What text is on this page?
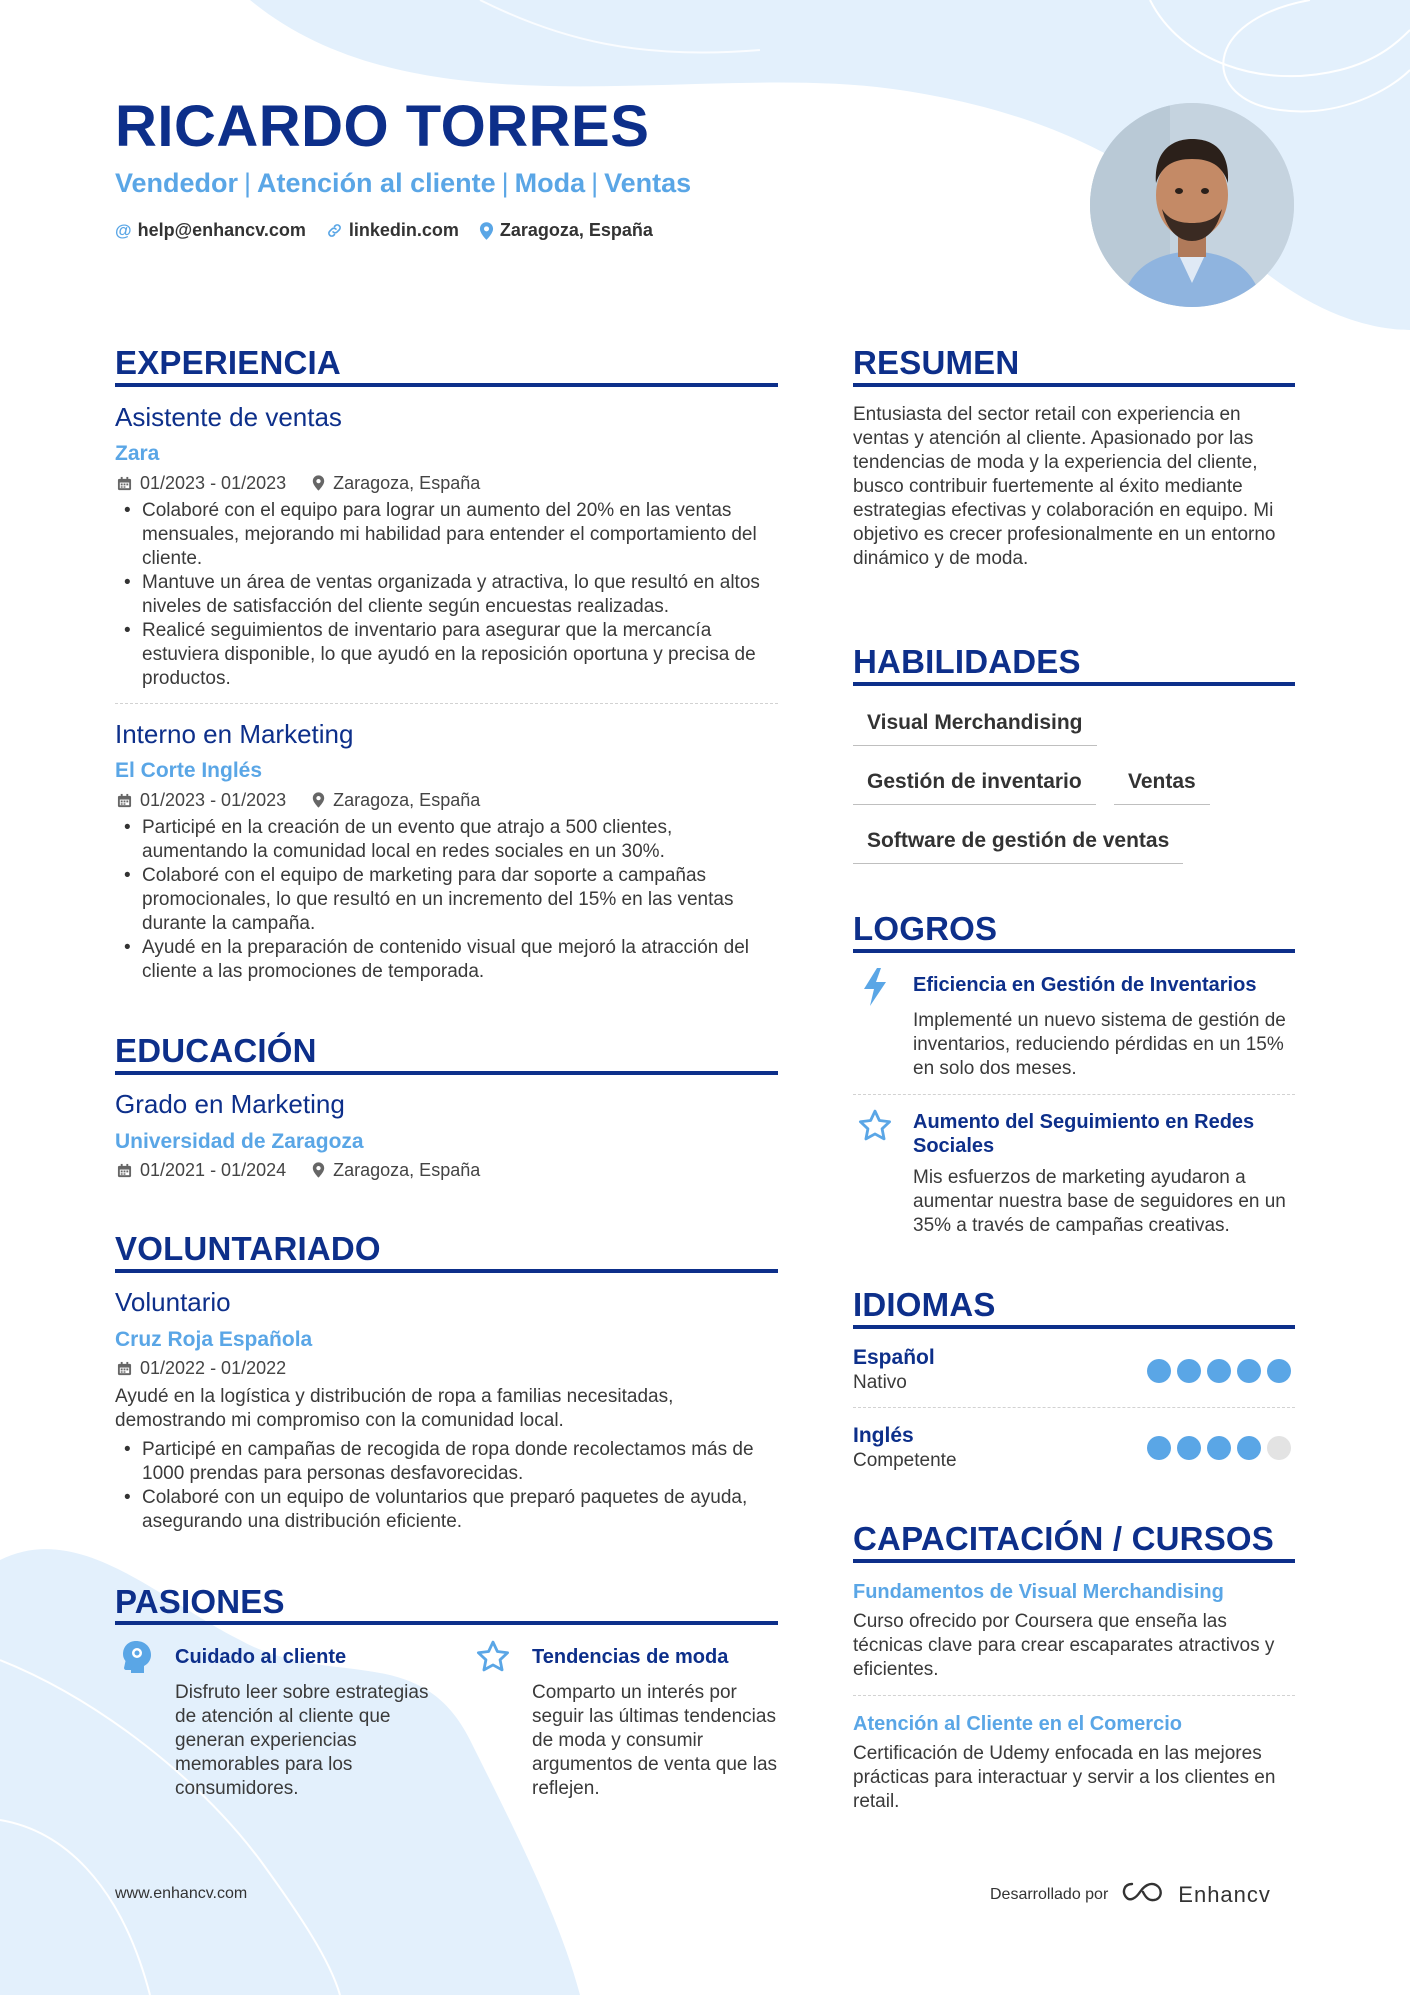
RICARDO TORRES
Vendedor | Atención al cliente | Moda | Ventas
@ help@enhancv.com linkedin.com Zaragoza, España
EXPERIENCIA
Asistente de ventas
Zara
01/2023 - 01/2023	Zaragoza, España
• Colaboré con el equipo para lograr un aumento del 20% en las ventas mensuales, mejorando mi habilidad para entender el comportamiento del cliente.
• Mantuve un área de ventas organizada y atractiva, lo que resultó en altos niveles de satisfacción del cliente según encuestas realizadas.
• Realicé seguimientos de inventario para asegurar que la mercancía estuviera disponible, lo que ayudó en la reposición oportuna y precisa de productos.
Interno en Marketing
El Corte Inglés
01/2023 - 01/2023	Zaragoza, España
• Participé en la creación de un evento que atrajo a 500 clientes, aumentando la comunidad local en redes sociales en un 30%.
• Colaboré con el equipo de marketing para dar soporte a campañas promocionales, lo que resultó en un incremento del 15% en las ventas durante la campaña.
• Ayudé en la preparación de contenido visual que mejoró la atracción del cliente a las promociones de temporada.
EDUCACIÓN
Grado en Marketing
Universidad de Zaragoza
01/2021 - 01/2024	Zaragoza, España
VOLUNTARIADO
Voluntario
Cruz Roja Española
01/2022 - 01/2022
Ayudé en la logística y distribución de ropa a familias necesitadas, demostrando mi compromiso con la comunidad local.
• Participé en campañas de recogida de ropa donde recolectamos más de 1000 prendas para personas desfavorecidas.
• Colaboré con un equipo de voluntarios que preparó paquetes de ayuda, asegurando una distribución eficiente.
PASIONES
Cuidado al cliente
Disfruto leer sobre estrategias de atención al cliente que generan experiencias memorables para los consumidores.
Tendencias de moda
Comparto un interés por seguir las últimas tendencias de moda y consumir argumentos de venta que las reflejen.
RESUMEN
Entusiasta del sector retail con experiencia en ventas y atención al cliente. Apasionado por las tendencias de moda y la experiencia del cliente, busco contribuir fuertemente al éxito mediante estrategias efectivas y colaboración en equipo. Mi objetivo es crecer profesionalmente en un entorno dinámico y de moda.
HABILIDADES
Visual Merchandising
Gestión de inventario	Ventas
Software de gestión de ventas
LOGROS
Eficiencia en Gestión de Inventarios
Implementé un nuevo sistema de gestión de inventarios, reduciendo pérdidas en un 15% en solo dos meses.
Aumento del Seguimiento en Redes Sociales
Mis esfuerzos de marketing ayudaron a aumentar nuestra base de seguidores en un 35% a través de campañas creativas.
IDIOMAS
Español
Nativo
Inglés
Competente
CAPACITACIÓN / CURSOS
Fundamentos de Visual Merchandising
Curso ofrecido por Coursera que enseña las técnicas clave para crear escaparates atractivos y eficientes.
Atención al Cliente en el Comercio
Certificación de Udemy enfocada en las mejores prácticas para interactuar y servir a los clientes en retail.
www.enhancv.com	Desarrollado por	Enhancv
